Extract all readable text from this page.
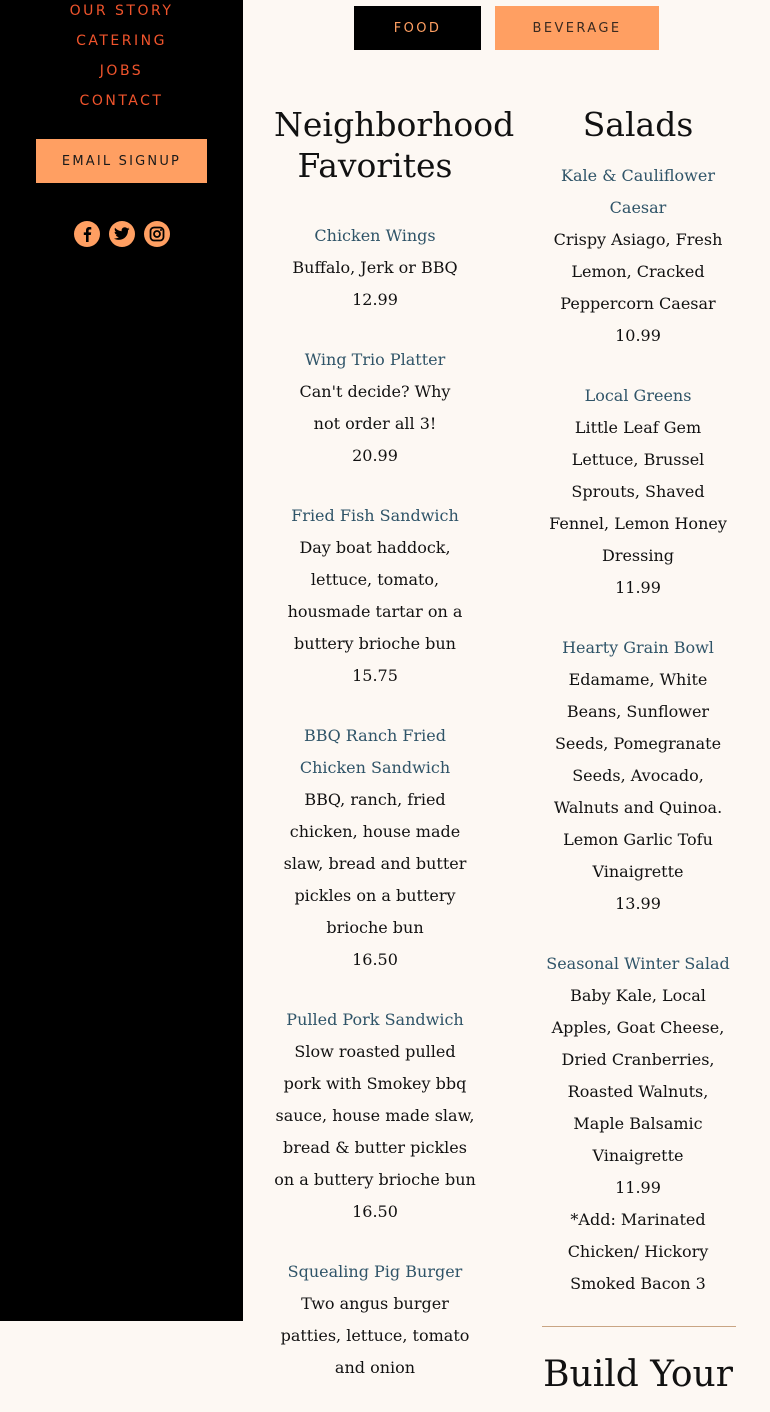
OUR STORY
CATERING
JOBS
CONTACT
EMAIL SIGNUP
FOOD	BEVERAGE
Neighborhood Favorites
Chicken Wings
Buffalo, Jerk or BBQ
12.99
Wing Trio Platter
Can't decide? Why not order all 3!
20.99
Fried Fish Sandwich
Day boat haddock, lettuce, tomato, housmade tartar on a buttery brioche bun
15.75
BBQ Ranch Fried Chicken Sandwich
BBQ, ranch, fried chicken, house made slaw, bread and butter pickles on a buttery brioche bun
16.50
Pulled Pork Sandwich
Slow roasted pulled pork with Smokey bbq sauce, house made slaw, bread & butter pickles on a buttery brioche bun
16.50
Squealing Pig Burger
Two angus burger patties, lettuce, tomato and onion
Salads
Kale & Cauliflower Caesar
Crispy Asiago, Fresh Lemon, Cracked Peppercorn Caesar
10.99
Local Greens
Little Leaf Gem Lettuce, Brussel Sprouts, Shaved Fennel, Lemon Honey Dressing
11.99
Hearty Grain Bowl
Edamame, White Beans, Sunflower Seeds, Pomegranate Seeds, Avocado, Walnuts and Quinoa. Lemon Garlic Tofu Vinaigrette
13.99
Seasonal Winter Salad
Baby Kale, Local Apples, Goat Cheese, Dried Cranberries, Roasted Walnuts, Maple Balsamic Vinaigrette
11.99
*Add: Marinated Chicken/ Hickory Smoked Bacon 3
Build Your
